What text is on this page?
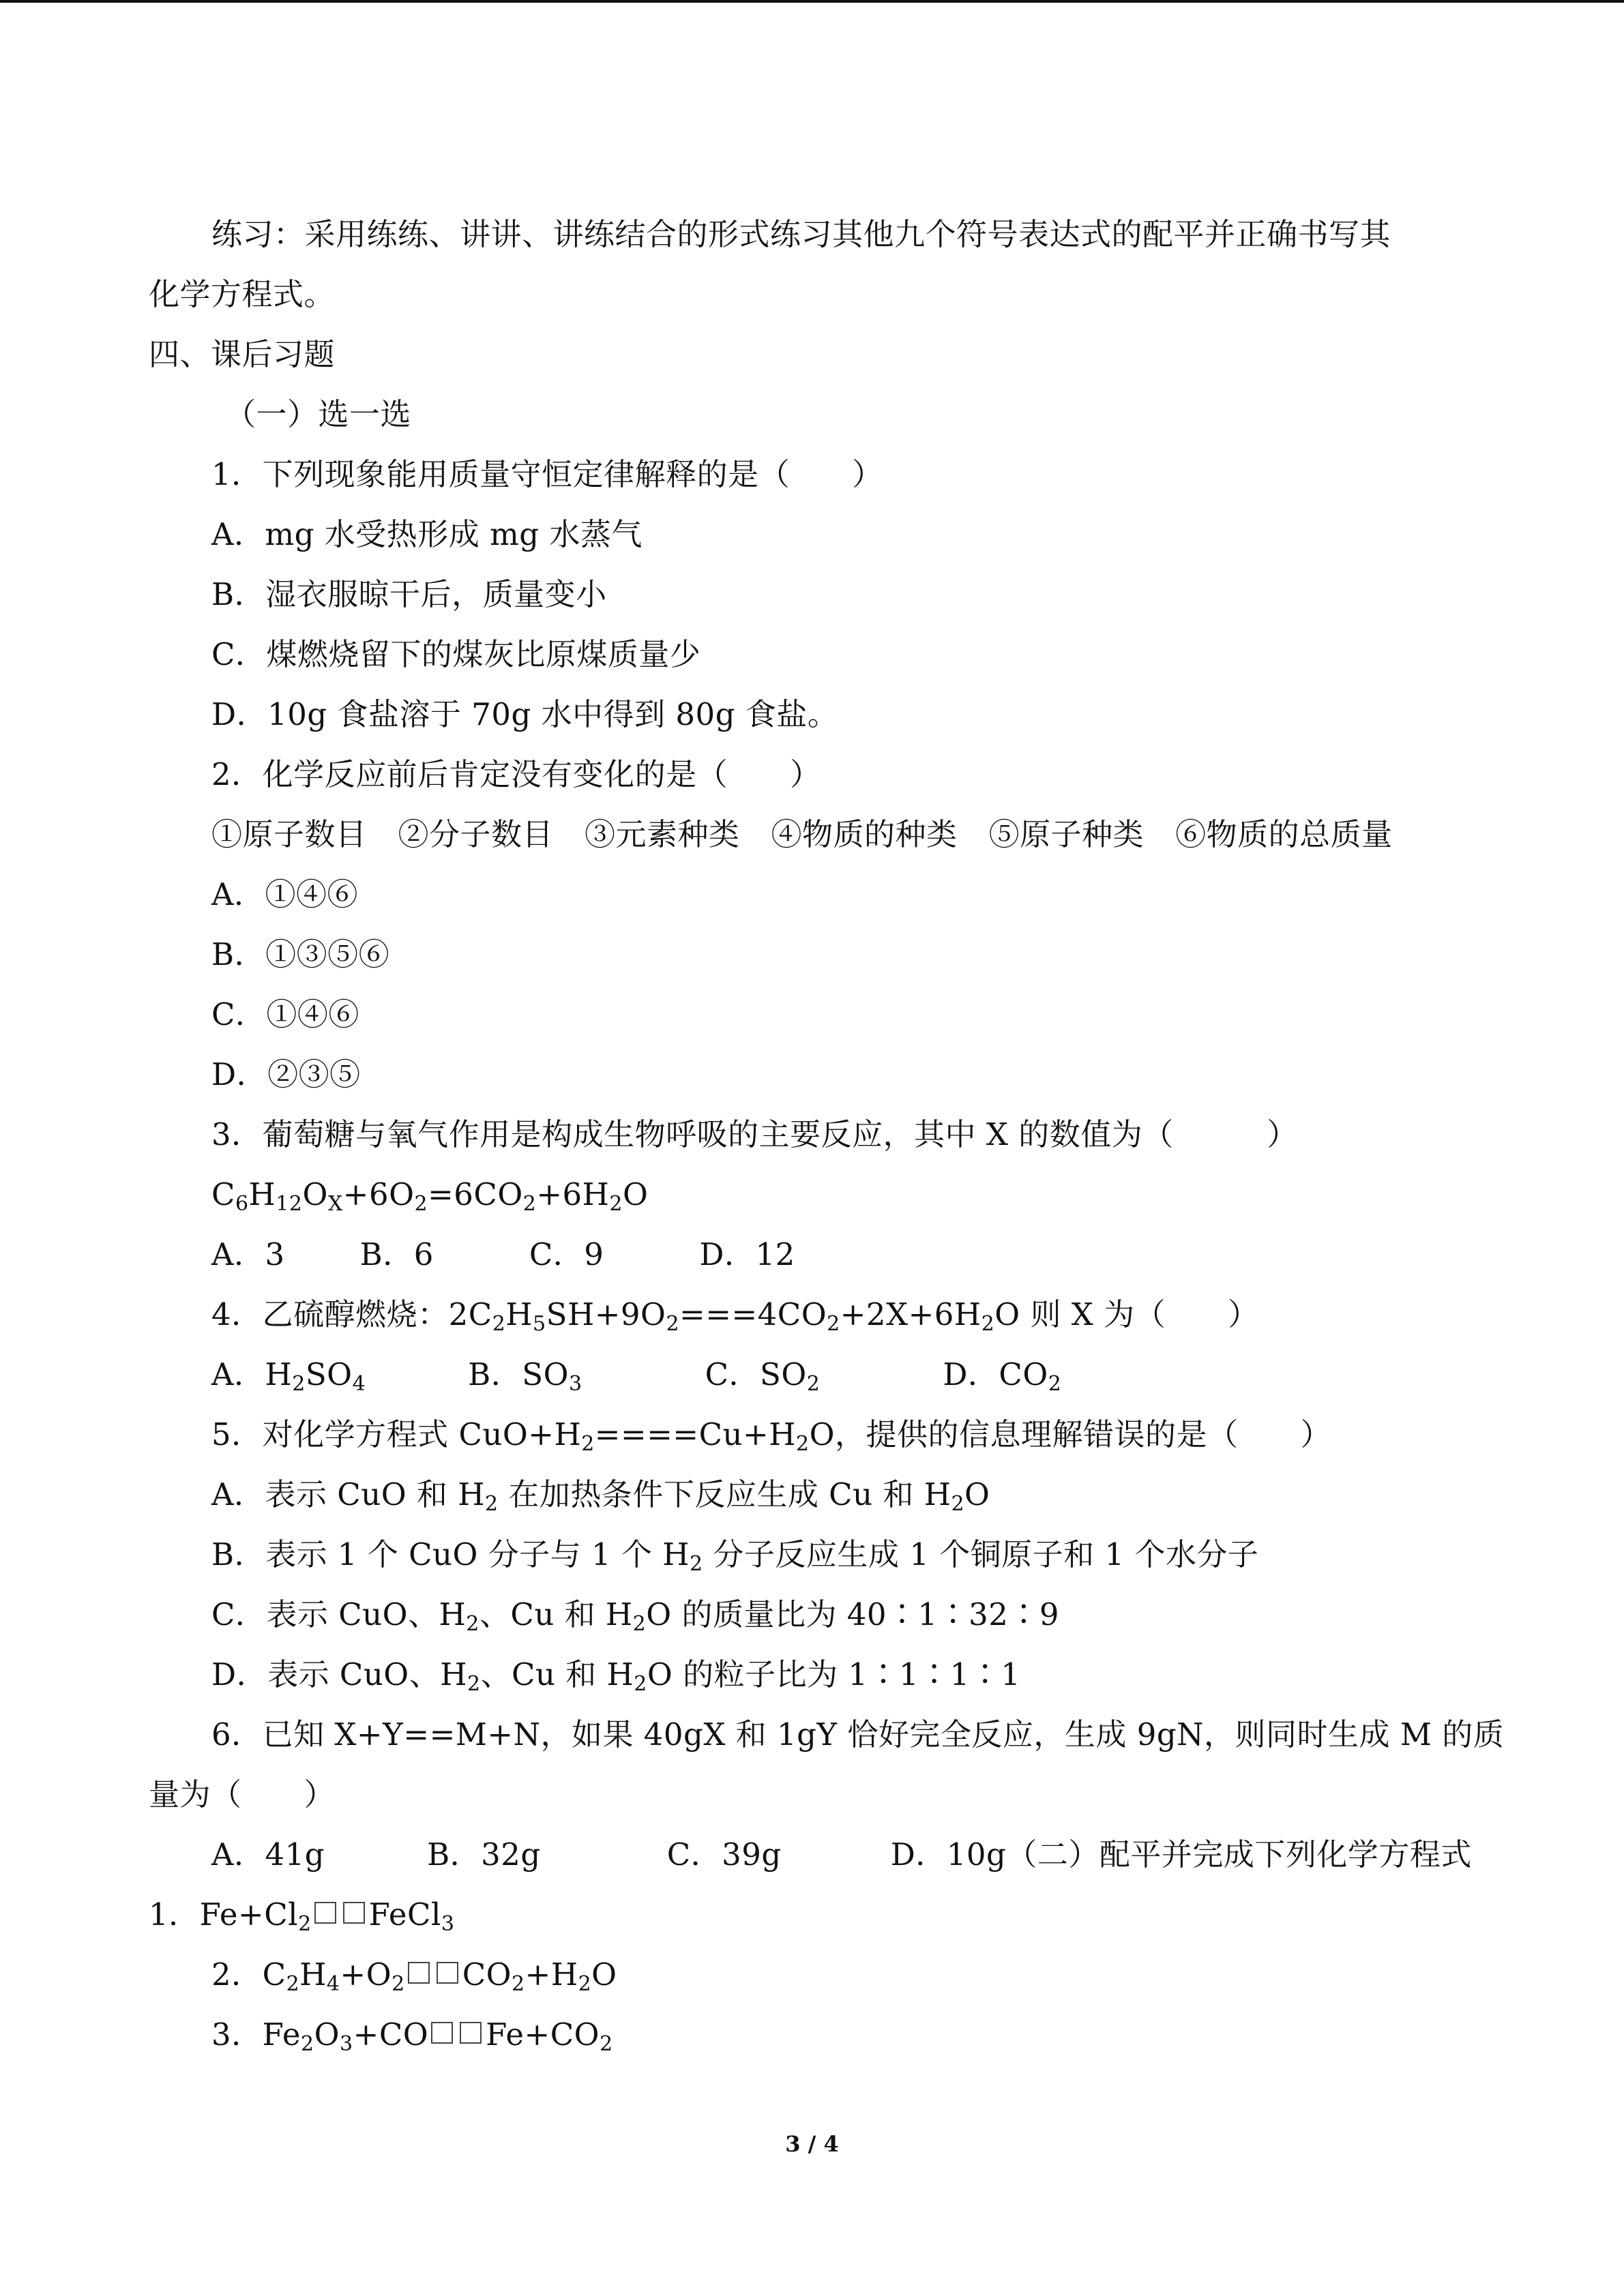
练习：采用练练、讲讲、讲练结合的形式练习其他九个符号表达式的配平并正确书写其
化学方程式。
四、课后习题
（一）选一选
1．下列现象能用质量守恒定律解释的是（　　）
A．mg 水受热形成 mg 水蒸气
B．湿衣服晾干后，质量变小
C．煤燃烧留下的煤灰比原煤质量少
D．10g 食盐溶于 70g 水中得到 80g 食盐。
2．化学反应前后肯定没有变化的是（　　）
①原子数目 ②分子数目 ③元素种类 ④物质的种类 ⑤原子种类 ⑥物质的总质量
A．①④⑥
B．①③⑤⑥
C．①④⑥
D．②③⑤
3．葡萄糖与氧气作用是构成生物呼吸的主要反应，其中 X 的数值为（　　　）
$C_6H_{12}O_X+6O_2=6CO_2+6H_2O$
A．3 B．6	C．9	D．12
4．乙硫醇燃烧：$2C_2H_5SH+9O_2===4CO_2+2X+6H_2O$ 则 X 为（　　）
A．$H_2SO_4$	B．$SO_3$	C．$SO_2$	D．$CO_2$
5．对化学方程式 $CuO+H_2====Cu+H_2O$，提供的信息理解错误的是（　　）
A．表示 CuO 和 $H_2$ 在加热条件下反应生成 Cu 和 $H_2O$
B．表示 1 个 CuO 分子与 1 个 $H_2$ 分子反应生成 1 个铜原子和 1 个水分子
C．表示 CuO、$H_2$、Cu 和 $H_2O$ 的质量比为 40∶1∶32∶9
D．表示 CuO、$H_2$、Cu 和 $H_2O$ 的粒子比为 1∶1∶1∶1
6．已知 X+Y==M+N，如果 40gX 和 1gY 恰好完全反应，生成 9gN，则同时生成 M 的质
量为（　　）
A．41g	B．32g	C．39g	D．10g（二）配平并完成下列化学方程式
1．$Fe+Cl_2$ FeCl$_3$
2．$C_2H_4+O_2$ $CO_2+H_2O$
3．$Fe_2O_3+CO$ $Fe+CO_2$
3 / 4
